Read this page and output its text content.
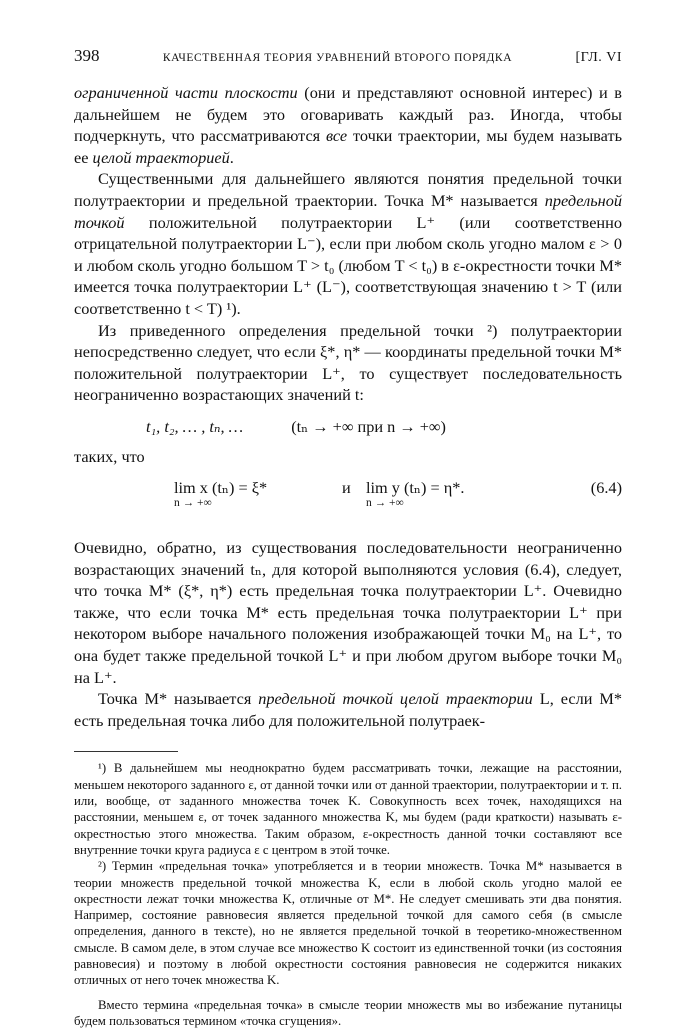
398	КАЧЕСТВЕННАЯ ТЕОРИЯ УРАВНЕНИЙ ВТОРОГО ПОРЯДКА	[ГЛ. VI

ограниченной части плоскости (они и представляют основной интерес) и в дальнейшем не будем это оговаривать каждый раз. Иногда, чтобы подчеркнуть, что рассматриваются все точки траектории, мы будем называть ее целой траекторией.

Существенными для дальнейшего являются понятия предельной точки полутраектории и предельной траектории. Точка M* называется предельной точкой положительной полутраектории L⁺ (или соответственно отрицательной полутраектории L⁻), если при любом сколь угодно малом ε > 0 и любом сколь угодно большом T > t₀ (любом T < t₀) в ε-окрестности точки M* имеется точка полутраектории L⁺ (L⁻), соответствующая значению t > T (или соответственно t < T) ¹).

Из приведенного определения предельной точки ²) полутраектории непосредственно следует, что если ξ*, η* — координаты предельной точки M* положительной полутраектории L⁺, то существует последовательность неограниченно возрастающих значений t:

t₁, t₂, … , tₙ, …	(tₙ → +∞ при n → +∞)

таких, что

lim x (tₙ) = ξ*
n → +∞
и lim y (tₙ) = η*.
n → +∞
(6.4)

Очевидно, обратно, из существования последовательности неограниченно возрастающих значений tₙ, для которой выполняются условия (6.4), следует, что точка M* (ξ*, η*) есть предельная точка полутраектории L⁺. Очевидно также, что если точка M* есть предельная точка полутраектории L⁺ при некотором выборе начального положения изображающей точки M₀ на L⁺, то она будет также предельной точкой L⁺ и при любом другом выборе точки M₀ на L⁺.

Точка M* называется предельной точкой целой траектории L, если M* есть предельная точка либо для положительной полутраек-

¹) В дальнейшем мы неоднократно будем рассматривать точки, лежащие на расстоянии, меньшем некоторого заданного ε, от данной точки или от данной траектории, полутраектории и т. п. или, вообще, от заданного множества точек K. Совокупность всех точек, находящихся на расстоянии, меньшем ε, от точек заданного множества K, мы будем (ради краткости) называть ε-окрестностью этого множества. Таким образом, ε-окрестность данной точки составляют все внутренние точки круга радиуса ε с центром в этой точке.

²) Термин «предельная точка» употребляется и в теории множеств. Точка M* называется в теории множеств предельной точкой множества K, если в любой сколь угодно малой ее окрестности лежат точки множества K, отличные от M*. Не следует смешивать эти два понятия. Например, состояние равновесия является предельной точкой для самого себя (в смысле определения, данного в тексте), но не является предельной точкой в теоретико-множественном смысле. В самом деле, в этом случае все множество K состоит из единственной точки (из состояния равновесия) и поэтому в любой окрестности состояния равновесия не содержится никаких отличных от него точек множества K.

Вместо термина «предельная точка» в смысле теории множеств мы во избежание путаницы будем пользоваться термином «точка сгущения».
